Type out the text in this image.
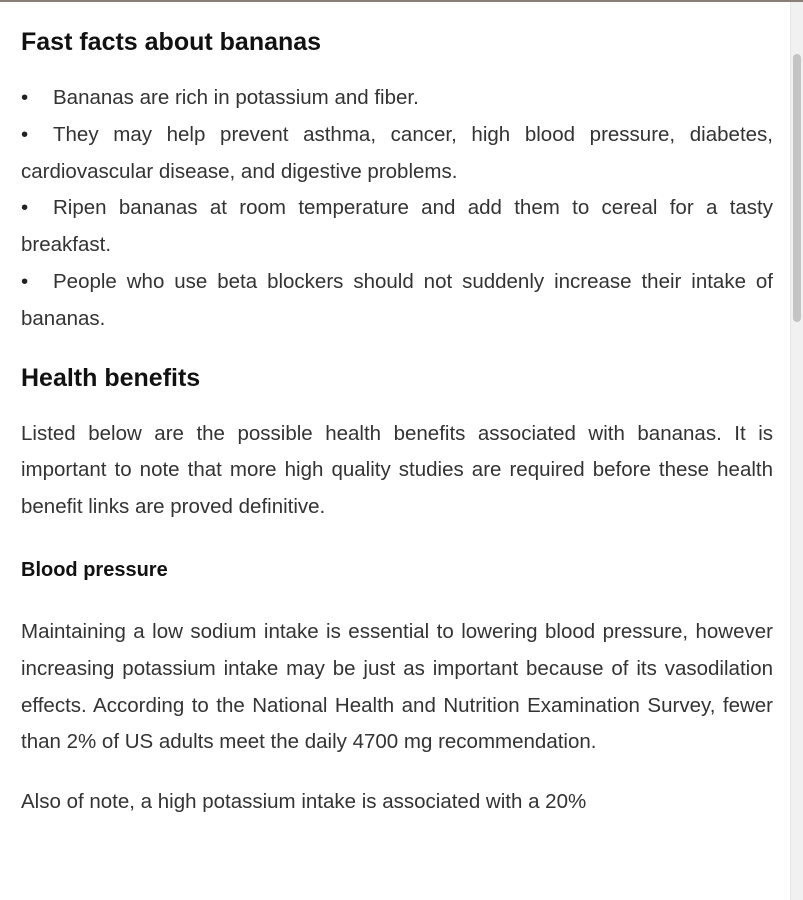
Fast facts about bananas
• Bananas are rich in potassium and fiber.
• They may help prevent asthma, cancer, high blood pressure, diabetes, cardiovascular disease, and digestive problems.
• Ripen bananas at room temperature and add them to cereal for a tasty breakfast.
• People who use beta blockers should not suddenly increase their intake of bananas.
Health benefits

Listed below are the possible health benefits associated with bananas. It is important to note that more high quality studies are required before these health benefit links are proved definitive.

Blood pressure

Maintaining a low sodium intake is essential to lowering blood pressure, however increasing potassium intake may be just as important because of its vasodilation effects. According to the National Health and Nutrition Examination Survey, fewer than 2% of US adults meet the daily 4700 mg recommendation.

Also of note, a high potassium intake is associated with a 20%
